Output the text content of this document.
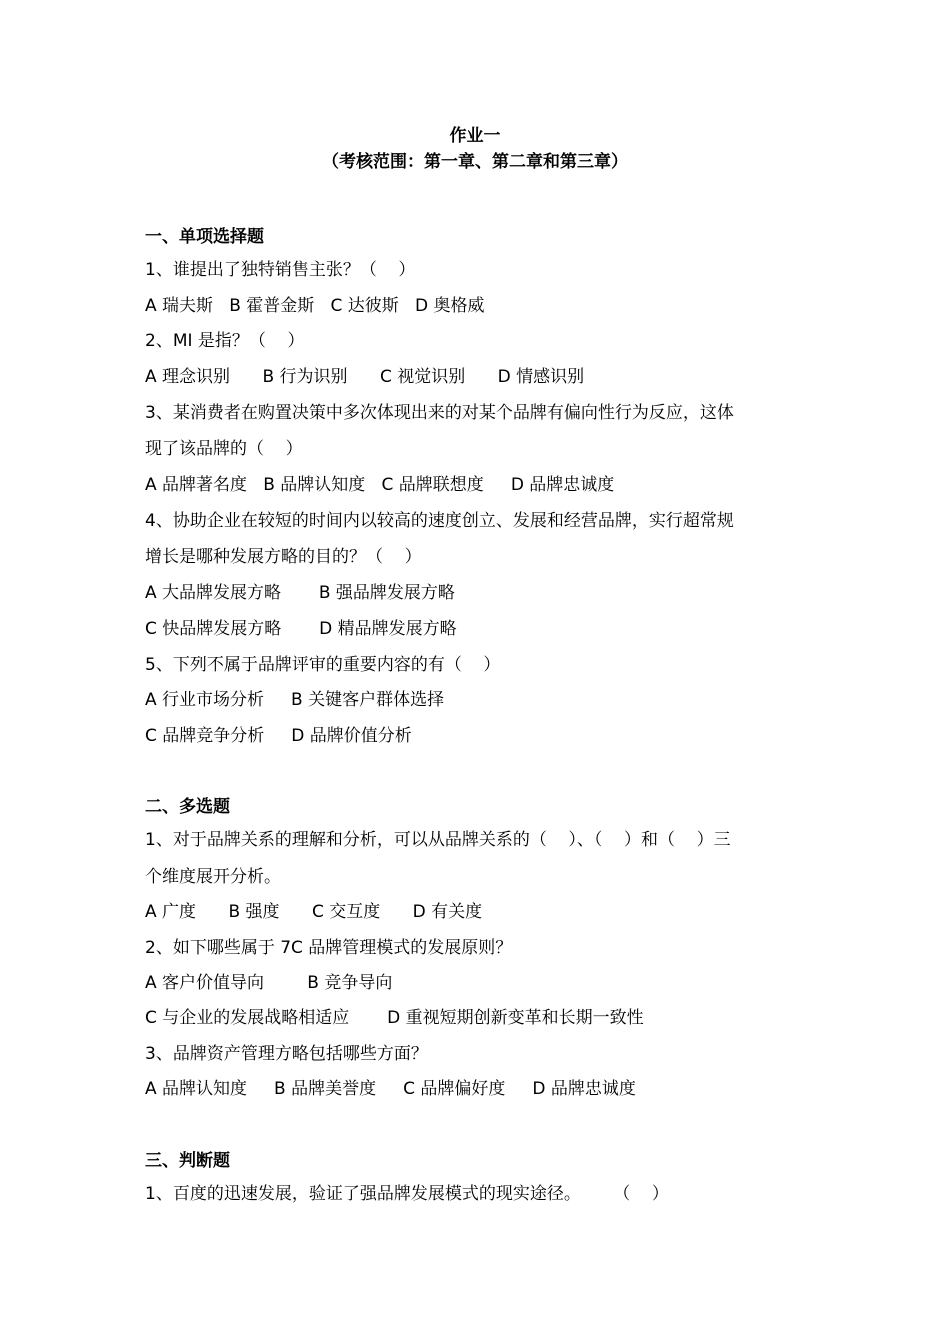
作业一
（考核范围：第一章、第二章和第三章）
一、单项选择题
1、谁提出了独特销售主张？（    ）
A 瑞夫斯   B 霍普金斯   C 达彼斯   D 奥格威
2、MI 是指？（    ）
A 理念识别      B 行为识别      C 视觉识别      D 情感识别
3、某消费者在购置决策中多次体现出来的对某个品牌有偏向性行为反应，这体
现了该品牌的（    ）
A 品牌著名度   B 品牌认知度   C 品牌联想度     D 品牌忠诚度
4、协助企业在较短的时间内以较高的速度创立、发展和经营品牌，实行超常规
增长是哪种发展方略的目的？（    ）
A 大品牌发展方略       B 强品牌发展方略
C 快品牌发展方略       D 精品牌发展方略
5、下列不属于品牌评审的重要内容的有（    ）
A 行业市场分析     B 关键客户群体选择
C 品牌竞争分析     D 品牌价值分析
二、多选题
1、对于品牌关系的理解和分析，可以从品牌关系的（    ）、（    ）和（    ）三
个维度展开分析。
A 广度      B 强度      C 交互度      D 有关度
2、如下哪些属于 7C 品牌管理模式的发展原则？
A 客户价值导向        B 竞争导向
C 与企业的发展战略相适应       D 重视短期创新变革和长期一致性
3、品牌资产管理方略包括哪些方面？
A 品牌认知度     B 品牌美誉度     C 品牌偏好度     D 品牌忠诚度
三、判断题
1、百度的迅速发展，验证了强品牌发展模式的现实途径。      （    ）
